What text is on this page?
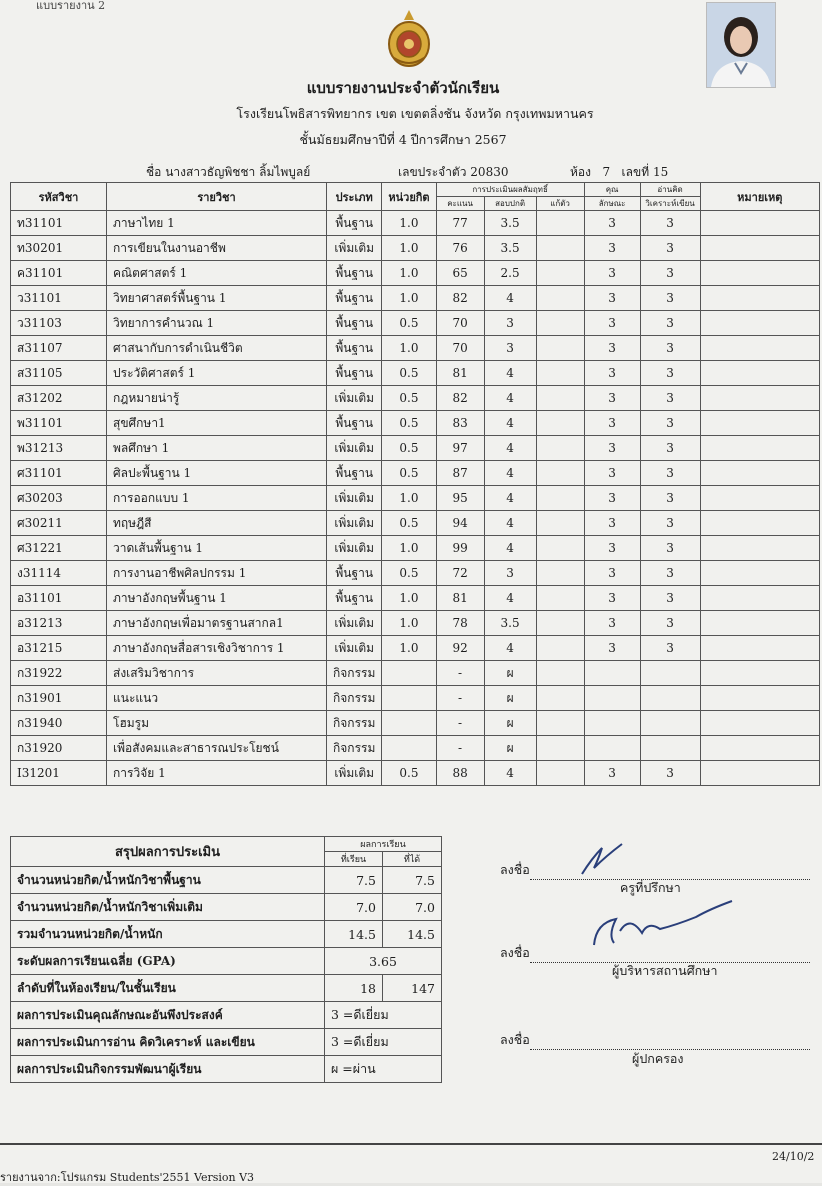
แบบรายงาน 2
แบบรายงานประจำตัวนักเรียน
โรงเรียนโพธิสารพิทยากร เขต เขตตลิ่งชัน จังหวัด กรุงเทพมหานคร
ชั้นมัธยมศึกษาปีที่ 4 ปีการศึกษา 2567
ชื่อ นางสาวธัญพิชชา ลิ้มไพบูลย์	เลขประจำตัว 20830	ห้อง 7 เลขที่ 15
รหัสวิชา	รายวิชา	ประเภท	หน่วยกิต	การประเมินผลสัมฤทธิ์			คุณ	อ่านคิด	หมายเหตุ
				คะแนน	สอบปกติ	แก้ตัว	ลักษณะ	วิเคราะห์เขียน	
ท31101	ภาษาไทย 1	พื้นฐาน	1.0	77	3.5		3	3	
ท30201	การเขียนในงานอาชีพ	เพิ่มเติม	1.0	76	3.5		3	3	
ค31101	คณิตศาสตร์ 1	พื้นฐาน	1.0	65	2.5		3	3	
ว31101	วิทยาศาสตร์พื้นฐาน 1	พื้นฐาน	1.0	82	4		3	3	
ว31103	วิทยาการคำนวณ 1	พื้นฐาน	0.5	70	3		3	3	
ส31107	ศาสนากับการดำเนินชีวิต	พื้นฐาน	1.0	70	3		3	3	
ส31105	ประวัติศาสตร์ 1	พื้นฐาน	0.5	81	4		3	3	
ส31202	กฎหมายน่ารู้	เพิ่มเติม	0.5	82	4		3	3	
พ31101	สุขศึกษา1	พื้นฐาน	0.5	83	4		3	3	
พ31213	พลศึกษา 1	เพิ่มเติม	0.5	97	4		3	3	
ศ31101	ศิลปะพื้นฐาน 1	พื้นฐาน	0.5	87	4		3	3	
ศ30203	การออกแบบ 1	เพิ่มเติม	1.0	95	4		3	3	
ศ30211	ทฤษฎีสี	เพิ่มเติม	0.5	94	4		3	3	
ศ31221	วาดเส้นพื้นฐาน 1	เพิ่มเติม	1.0	99	4		3	3	
ง31114	การงานอาชีพศิลปกรรม 1	พื้นฐาน	0.5	72	3		3	3	
อ31101	ภาษาอังกฤษพื้นฐาน 1	พื้นฐาน	1.0	81	4		3	3	
อ31213	ภาษาอังกฤษเพื่อมาตรฐานสากล1	เพิ่มเติม	1.0	78	3.5		3	3	
อ31215	ภาษาอังกฤษสื่อสารเชิงวิชาการ 1	เพิ่มเติม	1.0	92	4		3	3	
ก31922	ส่งเสริมวิชาการ	กิจกรรม		-	ผ				
ก31901	แนะแนว	กิจกรรม		-	ผ				
ก31940	โฮมรูม	กิจกรรม		-	ผ				
ก31920	เพื่อสังคมและสาธารณประโยชน์	กิจกรรม		-	ผ				
I31201	การวิจัย 1	เพิ่มเติม	0.5	88	4		3	3	
สรุปผลการประเมิน	ผลการเรียน	
	ที่เรียน	ที่ได้
จำนวนหน่วยกิต/น้ำหนักวิชาพื้นฐาน	7.5	7.5
จำนวนหน่วยกิต/น้ำหนักวิชาเพิ่มเติม	7.0	7.0
รวมจำนวนหน่วยกิต/น้ำหนัก	14.5	14.5
ระดับผลการเรียนเฉลี่ย (GPA)	3.65	
ลำดับที่ในห้องเรียน/ในชั้นเรียน	18	147
ผลการประเมินคุณลักษณะอันพึงประสงค์	3 =ดีเยี่ยม	
ผลการประเมินการอ่าน คิดวิเคราะห์ และเขียน	3 =ดีเยี่ยม	
ผลการประเมินกิจกรรมพัฒนาผู้เรียน	ผ =ผ่าน	
ลงชื่อ
ครูที่ปรึกษา
ลงชื่อ
ผู้บริหารสถานศึกษา
ลงชื่อ
ผู้ปกครอง
24/10/2
รายงานจาก:โปรแกรม Students'2551 Version V3
